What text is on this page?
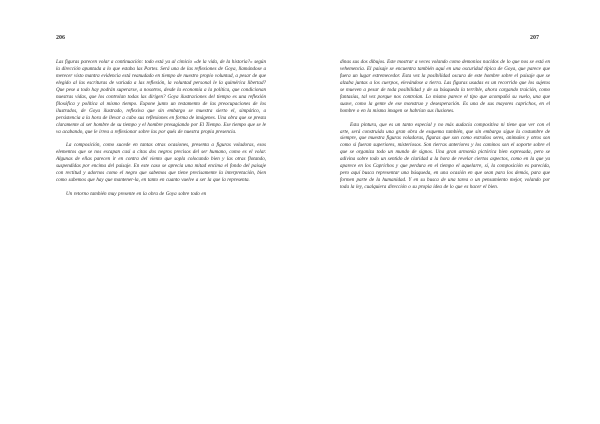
206

Las figuras parecen volar a continuación: todo está ya al cimicio «de la vida, de la historia?» según la dirección apuntada a lo que estaba las Partes. Será una de las reflexiones de Goya, llamándose a merecer visto mantra evidencia está reanudado en tiempo de nuestro propio voluntad, a pesar de que elegido al las escrituras de variada a las reflexión, la voluntad personal le la quimérica libertad? Que pese a todo hay podrán superarse, a nosotros, desde la economía a la política, que condicionan nuestras vidas, que los controlan todas las dirigen? Goya ilustraciones del tiempo es una reflexión filosófica y política al mismo tiempo. Expone junto un testamento de las preocupaciones de los ilustrados, de Goya ilustrado, reflexiva que sin embargo se muestra sierto el, simpático, a persistencia a la hora de llevar a cabo sus reflexiones en forma de imágenes. Una obra que se presta claramente al ser hombre de su tiempo y el hombre presagiando por El Tiempo. Ese tiempo que se le va acabando, que le irrea a reflexionar sobre las por qués de nuestra propia presencia.

La composición, como sucede en tantas otras ocasiones, presenta a figuras voladoras, esos elementos que se nos escapan casi a citas dos negros precisos del ser humano, como es el volar. Algunas de ellas parecen ir en contra del viento que sopla colocando bien y las otras flotando, suspendidas por encima del paisaje. En este caso se aprecia una mitad encima el fondo del paisaje con rectitud y adornos como el negro que sabemos que tiene precisamente la interpretación, bien como sabemos que hay que mantener-la, en tanto en cuanto vuelve a ser la que la representa.

Un retorno también muy presente en la obra de Goya sobre todo en

207

dinas sus dos dibujos. Este mostrar a veces volando como demonios nacidos de lo que nos se está en vehemencia. El paisaje se encuentra también aquí en una oscuridad típica de Goya, que parece que fuera un lugar estremecedor. Esta vez la posibilidad oscura de este hombre sobre el paisaje que se alzaba juntas a los cuerpos, elevándose a tierra. Las figuras usadas es un recorrido que los sujetos se mueven a pesar de toda posibilidad y de su búsqueda la terrible, ahora cargando traición, como fantasías, tal vez porque nos controlan. Lo mismo parece el tipo que acompañó su vuelo, una que suave, como la gente de ese monstruo y desesperación. Es una de sus mayores caprichos, en el hombre o en la misma imagen se habrían sus ilusiones.

Esta pintura, que es un tanto especial y no más audacia compositiva ni tiene que ver con el arte, será construida una gran obra de esquema también, que sin embargo sigue la costumbre de siempre, que muestra figuras voladoras, figuras que son como extraños seres, animales y otros son como si fueran superiores, misteriosos. Son tierras anteriores y los caminos son el soporte sobre el que se organiza todo un mundo de signos. Una gran armonía pictórica bien expresada, pero se adivina sobre todo un sentido de claridad a la hora de revelar ciertos aspectos, como en la que ya aparece en los Caprichos y que perdura en el tiempo el aquelarre, sí, la composición es parecida, pero aquí busca representar una búsqueda, en una ocasión en que sean para los demás, para que formen parte de la humanidad. Y en su busca de una tarea o un pensamiento mejor, volando por toda la ley, cualquiera dirección o su propia idea de lo que es hacer el bien.
